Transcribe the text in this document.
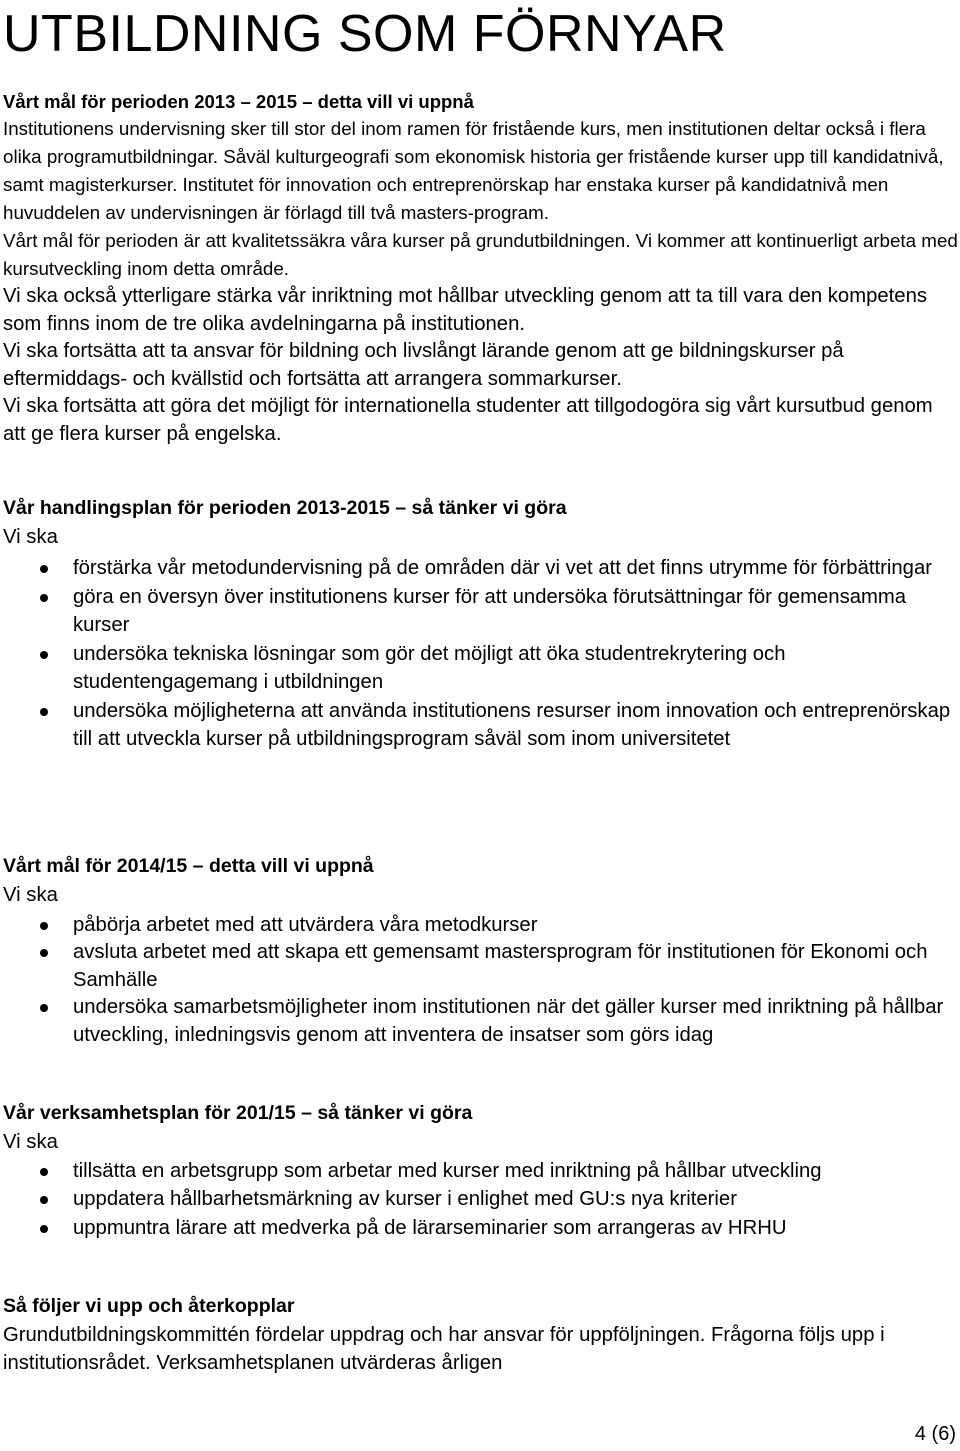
UTBILDNING SOM FÖRNYAR
Vårt mål för perioden 2013 – 2015 – detta vill vi uppnå

Institutionens undervisning sker till stor del inom ramen för fristående kurs, men institutionen deltar också i flera olika programutbildningar. Såväl kulturgeografi som ekonomisk historia ger fristående kurser upp till kandidatnivå, samt magisterkurser. Institutet för innovation och entreprenörskap har enstaka kurser på kandidatnivå men huvuddelen av undervisningen är förlagd till två masters-program.

Vårt mål för perioden är att kvalitetssäkra våra kurser på grundutbildningen. Vi kommer att kontinuerligt arbeta med kursutveckling inom detta område.

Vi ska också ytterligare stärka vår inriktning mot hållbar utveckling genom att ta till vara den kompetens som finns inom de tre olika avdelningarna på institutionen.

Vi ska fortsätta att ta ansvar för bildning och livslångt lärande genom att ge bildningskurser på eftermiddags- och kvällstid och fortsätta att arrangera sommarkurser.

Vi ska fortsätta att göra det möjligt för internationella studenter att tillgodogöra sig vårt kursutbud genom att ge flera kurser på engelska.

Vår handlingsplan för perioden 2013-2015 – så tänker vi göra

Vi ska

förstärka vår metodundervisning på de områden där vi vet att det finns utrymme för förbättringar
göra en översyn över institutionens kurser för att undersöka förutsättningar för gemensamma kurser
undersöka tekniska lösningar som gör det möjligt att öka studentrekrytering och studentengagemang i utbildningen
undersöka möjligheterna att använda institutionens resurser inom innovation och entreprenörskap till att utveckla kurser på utbildningsprogram såväl som inom universitetet
Vårt mål för 2014/15 – detta vill vi uppnå

Vi ska

påbörja arbetet med att utvärdera våra metodkurser
avsluta arbetet med att skapa ett gemensamt mastersprogram för institutionen för Ekonomi och Samhälle
undersöka samarbetsmöjligheter inom institutionen när det gäller kurser med inriktning på hållbar utveckling, inledningsvis genom att inventera de insatser som görs idag
Vår verksamhetsplan för 201/15 – så tänker vi göra

Vi ska

tillsätta en arbetsgrupp som arbetar med kurser med inriktning på hållbar utveckling
uppdatera hållbarhetsmärkning av kurser i enlighet med GU:s nya kriterier
uppmuntra lärare att medverka på de lärarseminarier som arrangeras av HRHU
Så följer vi upp och återkopplar

Grundutbildningskommittén fördelar uppdrag och har ansvar för uppföljningen. Frågorna följs upp i institutionsrådet. Verksamhetsplanen utvärderas årligen

4 (6)
